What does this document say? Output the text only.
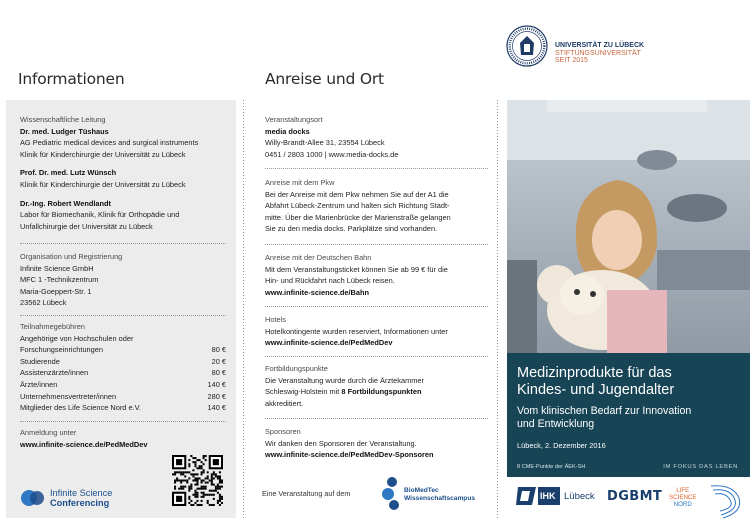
UNIVERSITÄT ZU LÜBECK
STIFTUNGSUNIVERSITÄT
SEIT 2015
Informationen	Anreise und Ort
Wissenschaftliche Leitung
Dr. med. Ludger Tüshaus
AG Pediatric medical devices and surgical instruments
Klinik für Kinderchirurgie der Universität zu Lübeck
Prof. Dr. med. Lutz Wünsch
Klinik für Kinderchirurgie der Universität zu Lübeck
Dr.-Ing. Robert Wendlandt
Labor für Biomechanik, Klinik für Orthopädie und
Unfallchirurgie der Universität zu Lübeck
Organisation und Registrierung
Infinite Science GmbH
MFC 1 -Technikzentrum
Maria-Goeppert-Str. 1
23562 Lübeck
Teilnahmegebühren
Angehörige von Hochschulen oder
Forschungseinrichtungen	80 €
Studierende	20 €
Assistenzärzte/innen	80 €
Ärzte/innen	140 €
Unternehmensvertreter/innen	280 €
Mitglieder des Life Science Nord e.V.	140 €
Anmeldung unter
www.infinite-science.de/PedMedDev
Infinite Science
Conferencing
Veranstaltungsort
media docks
Willy-Brandt-Allee 31, 23554 Lübeck
0451 / 2803 1000 | www.media-docks.de
Anreise mit dem Pkw
Bei der Anreise mit dem Pkw nehmen Sie auf der A1 die
Abfahrt Lübeck-Zentrum und halten sich Richtung Stadt-
mitte. Über die Marienbrücke der Marienstraße gelangen
Sie zu den media docks. Parkplätze sind vorhanden.
Anreise mit der Deutschen Bahn
Mit dem Veranstaltungsticket können Sie ab 99 € für die
Hin- und Rückfahrt nach Lübeck reisen.
www.infinite-science.de/Bahn
Hotels
Hotelkontingente wurden reserviert, Informationen unter
www.infinite-science.de/PedMedDev
Fortbildungspunkte
Die Veranstaltung wurde durch die Ärztekammer
Schleswig-Holstein mit 8 Fortbildungspunkten
akkreditiert.
Sponsoren
Wir danken den Sponsoren der Veranstaltung.
www.infinite-science.de/PedMedDev-Sponsoren
Eine Veranstaltung auf dem	BioMedTec
Wissenschaftscampus
Medizinprodukte für das
Kindes- und Jugendalter
Vom klinischen Bedarf zur Innovation
und Entwicklung
Lübeck, 2. Dezember 2016
8 CME-Punkte der ÄEK-SH	IM FOKUS DAS LEBEN
IHK Lübeck DGBMT	LIFE
SCIENCE
NORD
